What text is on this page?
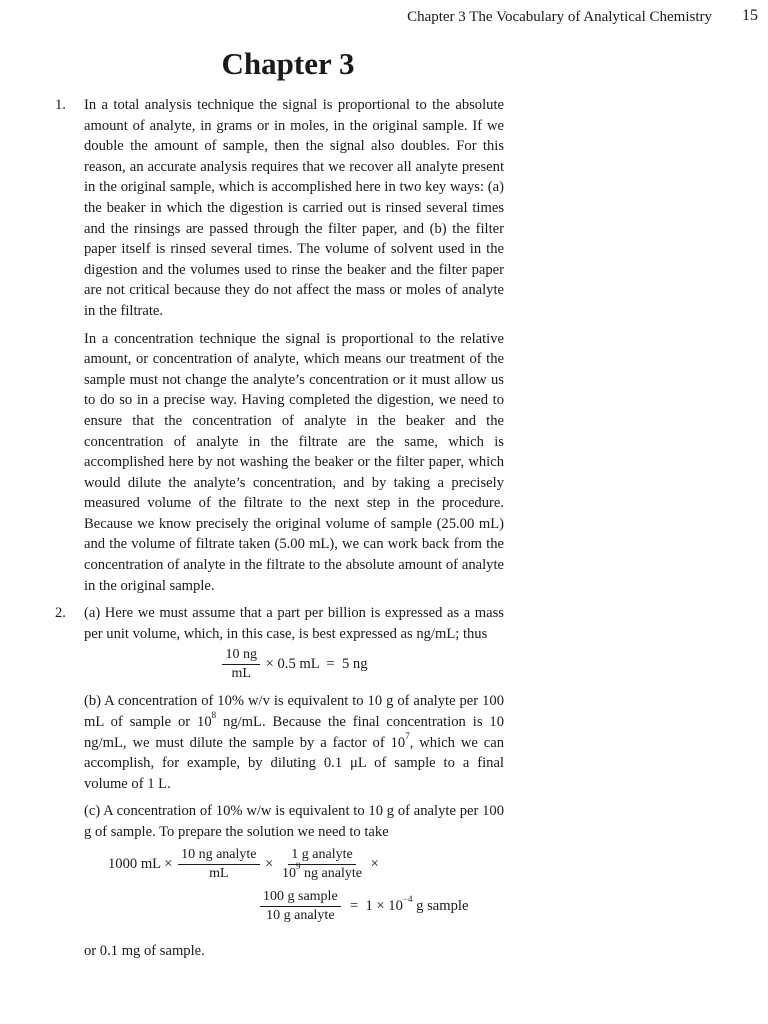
Chapter 3 The Vocabulary of Analytical Chemistry 15
Chapter 3
1. In a total analysis technique the signal is proportional to the absolute amount of analyte, in grams or in moles, in the original sample. If we double the amount of sample, then the signal also doubles. For this reason, an accurate analysis requires that we recover all analyte present in the original sample, which is accomplished here in two key ways: (a) the beaker in which the digestion is carried out is rinsed several times and the rinsings are passed through the filter paper, and (b) the filter paper itself is rinsed several times. The volume of solvent used in the digestion and the volumes used to rinse the beaker and the filter paper are not critical because they do not affect the mass or moles of analyte in the filtrate.

In a concentration technique the signal is proportional to the relative amount, or concentration of analyte, which means our treatment of the sample must not change the analyte’s concentration or it must allow us to do so in a precise way. Having completed the digestion, we need to ensure that the concentration of analyte in the beaker and the concentration of analyte in the filtrate are the same, which is accomplished here by not washing the beaker or the filter paper, which would dilute the analyte’s concentration, and by taking a precisely measured volume of the filtrate to the next step in the procedure. Because we know precisely the original volume of sample (25.00 mL) and the volume of filtrate taken (5.00 mL), we can work back from the concentration of analyte in the filtrate to the absolute amount of analyte in the original sample.

2. (a) Here we must assume that a part per billion is expressed as a mass per unit volume, which, in this case, is best expressed as ng/mL; thus

$\frac{10 ng}{mL} \times 0.5$ mL  =  5 ng

(b) A concentration of 10% w/v is equivalent to 10 g of analyte per 100 mL of sample or $10^8$ ng/mL. Because the final concentration is 10 ng/mL, we must dilute the sample by a factor of $10^7$, which we can accomplish, for example, by diluting 0.1 μL of sample to a final volume of 1 L.

(c) A concentration of 10% w/w is equivalent to 10 g of analyte per 100 g of sample. To prepare the solution we need to take

1000 mL × $\frac{\text{10 ng analyte}}{mL} \times \frac{\text{1 g analyte}}{10^9 ng analyte}$ ×
$\frac{\text{100 g sample}}{\text{10 g analyte}} = 1 \times 10^{-4}$ g sample

or 0.1 mg of sample.
